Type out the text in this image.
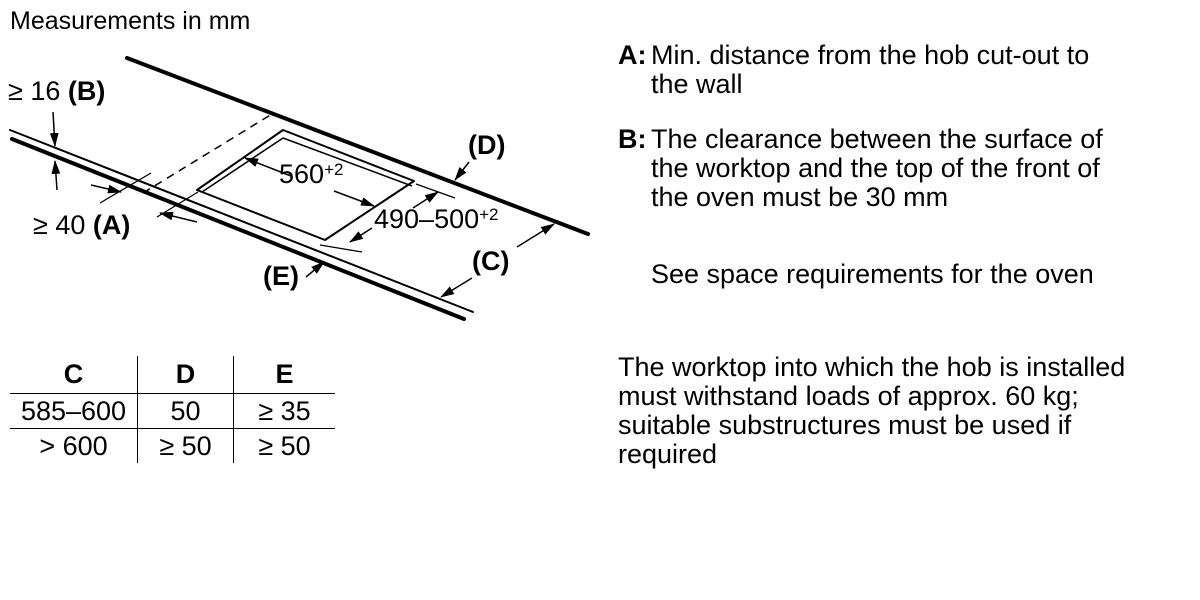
Measurements in mm
≥ 16 (B)
≥ 40 (A)
$560^{+2}$
$490-500^{+2}$
(D)
(C)
(E)
C	D	E
585–600	50	≥ 35
> 600	≥ 50	≥ 50
A: Min. distance from the hob cut-out to
the wall
B: The clearance between the surface of
the worktop and the top of the front of
the oven must be 30 mm
See space requirements for the oven
The worktop into which the hob is installed
must withstand loads of approx. 60 kg;
suitable substructures must be used if
required
